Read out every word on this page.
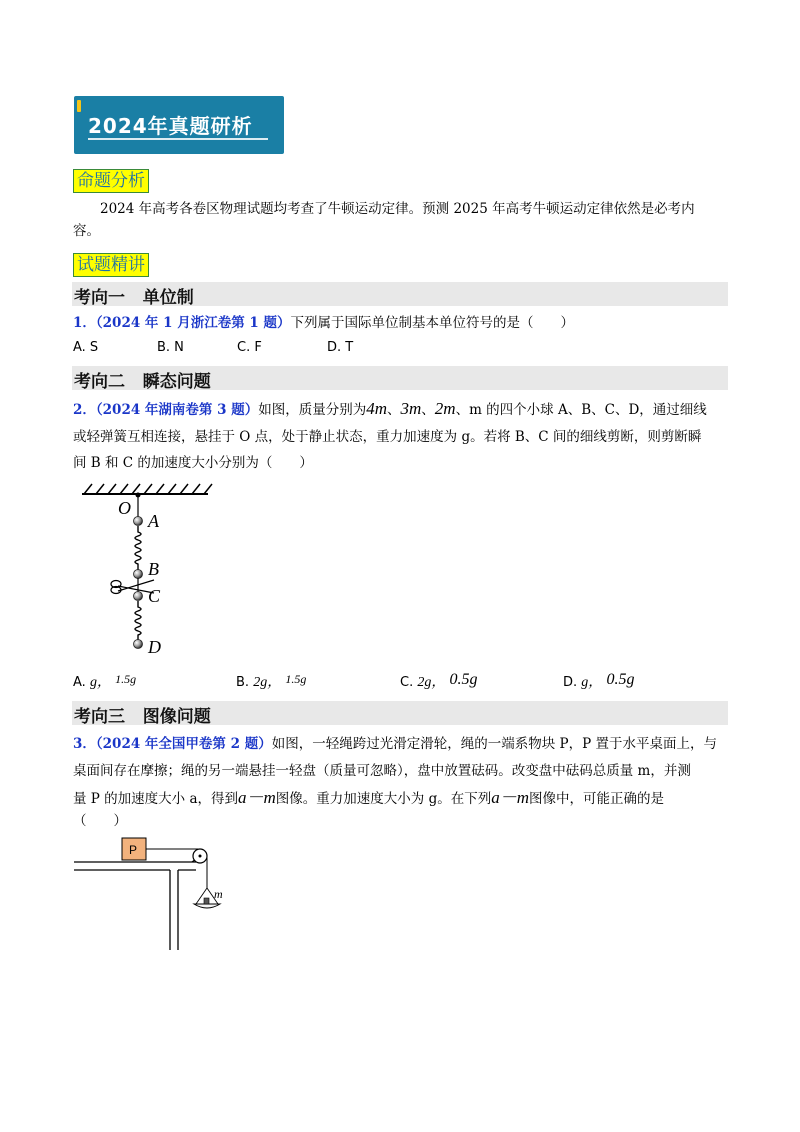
2024年真题研析
命题分析
2024 年高考各卷区物理试题均考查了牛顿运动定律。预测 2025 年高考牛顿运动定律依然是必考内
容。
试题精讲
考向一   单位制
1．（2024 年 1 月浙江卷第 1 题）下列属于国际单位制基本单位符号的是（　　）
A. S	B. N	C. F	D. T
考向二   瞬态问题
2．（2024 年湖南卷第 3 题）如图，质量分别为4m、3m、2m、m 的四个小球 A、B、C、D，通过细线
或轻弹簧互相连接，悬挂于 O 点，处于静止状态，重力加速度为 g。若将 B、C 间的细线剪断，则剪断瞬
间 B 和 C 的加速度大小分别为（　　）
O
A
B
C
D
A. g， 1.5g	B. 2g， 1.5g	C. 2g， 0.5g	D. g， 0.5g
考向三   图像问题
3．（2024 年全国甲卷第 2 题）如图，一轻绳跨过光滑定滑轮，绳的一端系物块 P，P 置于水平桌面上，与
桌面间存在摩擦；绳的另一端悬挂一轻盘（质量可忽略），盘中放置砝码。改变盘中砝码总质量 m，并测
量 P 的加速度大小 a，得到a－m图像。重力加速度大小为 g。在下列a－m图像中，可能正确的是
（　　）
P
m
